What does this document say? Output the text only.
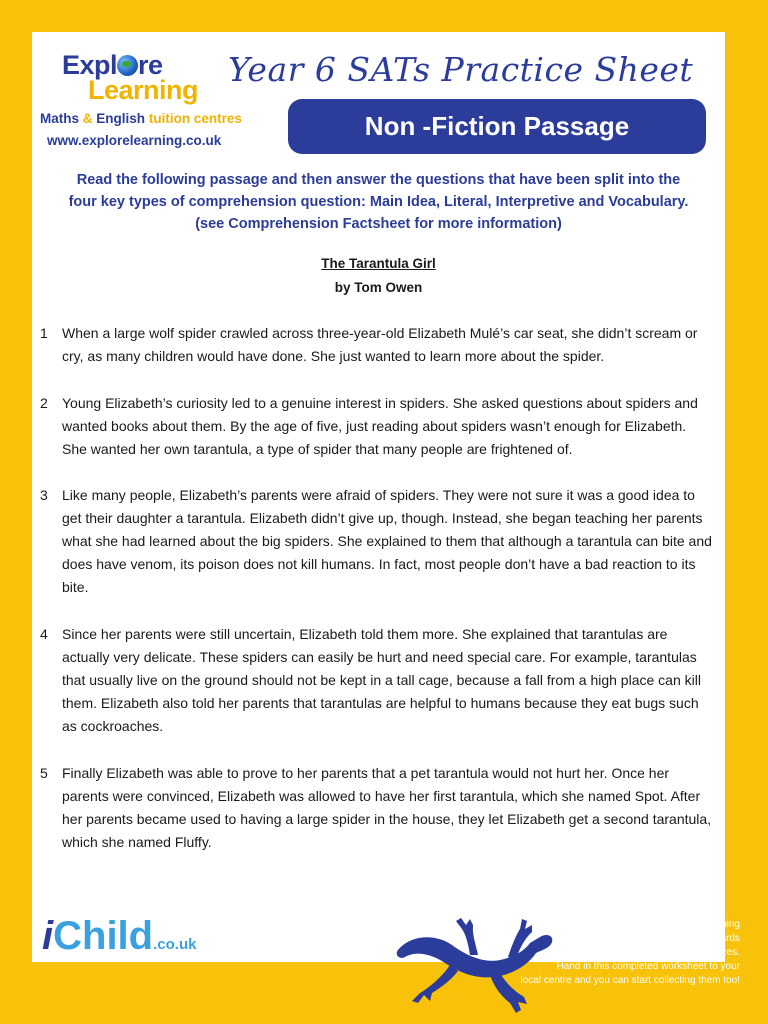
Expl re
Learning
Year 6 SATs Practice Sheet
Maths & English tuition centres
www.explorelearning.co.uk	Non -Fiction Passage
Read the following passage and then answer the questions that have been split into the
four key types of comprehension question: Main Idea, Literal, Interpretive and Vocabulary.
(see Comprehension Factsheet for more information)
The Tarantula Girl
by Tom Owen
1	When a large wolf spider crawled across three-year-old Elizabeth Mulé’s car seat, she didn’t scream or cry, as many children would have done. She just wanted to learn more about the spider.
2	Young Elizabeth’s curiosity led to a genuine interest in spiders. She asked questions about spiders and wanted books about them. By the age of five, just reading about spiders wasn’t enough for Elizabeth. She wanted her own tarantula, a type of spider that many people are frightened of.
3	Like many people, Elizabeth’s parents were afraid of spiders. They were not sure it was a good idea to get their daughter a tarantula. Elizabeth didn’t give up, though. Instead, she began teaching her parents what she had learned about the big spiders. She explained to them that although a tarantula can bite and does have venom, its poison does not kill humans. In fact, most people don’t have a bad reaction to its bite.
4	Since her parents were still uncertain, Elizabeth told them more. She explained that tarantulas are actually very delicate. These spiders can easily be hurt and need special care. For example, tarantulas that usually live on the ground should not be kept in a tall cage, because a fall from a high place can kill them. Elizabeth also told her parents that tarantulas are helpful to humans because they eat bugs such as cockroaches.
5	Finally Elizabeth was able to prove to her parents that a pet tarantula would not hurt her. Once her parents were convinced, Elizabeth was allowed to have her first tarantula, which she named Spot. After her parents became used to having a large spider in the house, they let Elizabeth get a second tarantula, which she named Fluffy.
iChild.co.uk
Explore Learning
members collect lizard cards
which can be exchanged for prizes.
Hand in this completed worksheet to your
local centre and you can start collecting them too!
